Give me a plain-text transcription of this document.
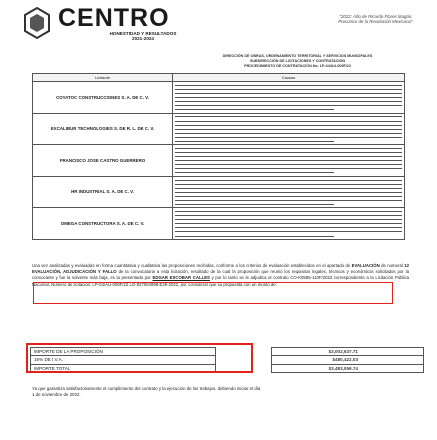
CENTRO
HONESTIDAD Y RESULTADOS
2021-2024
"2022: Año de Ricardo Flores Magón,
Precursor de la Revolución Mexicana".
DIRECCIÓN DE OBRAS, ORDENAMIENTO TERRITORIAL Y SERVICIOS MUNICIPALES
SUBDIRECCIÓN DE LICITACIONES Y CONTRATACIÓN
PROCEDIMIENTO DE CONTRATACIÓN No. LP-04/AU-009F/22
Licitante	Causas
COYATOC CONSTRUCCIONES S. A. DE C. V.	

EXCALIBUR TECHNOLOGIES S. DE R. L. DE C. V.	

FRANCISCO JOSE CASTRO GUERRERO	

HR INDUSTRIAL S. A. DE C. V.	

OMEGA CONSTRUCTORA S. A. DE C. V.	
Una vez analizadas y evaluadas en forma cuantitativa y cualitativa las proposiciones recibidas, conforme a los criterios de evaluación establecidos en el apartado de EVALUACIÓN de numeral 12 EVALUACIÓN, ADJUDICACIÓN Y FALLO de la convocatoria a esta licitación, resultado de la cual la proposición que reunió los requisitos legales, técnicos y económicos solicitados por la convocante y fue la solvente más baja, es la presentada por EDGAR ESCOBAR CALLES y por lo tanto se le adjudica el contrato CO-K0585-110F/2022 correspondiente a la Licitación Pública Nacional, Número de licitación: LP-04/AU-009F/22 LO-827004998-E29-2022, por considerar que su propuesta con un monto de:
IMPORTE DE LA PROPOSICIÓN		$3,002,637.71
16% DE I.V.A.		$480,422.03
IMPORTE TOTAL		$3,483,059.74
Ya que garantiza satisfactoriamente el cumplimiento del contrato y la ejecución de los trabajos, debiendo iniciar el día
1 de noviembre de 2022.
